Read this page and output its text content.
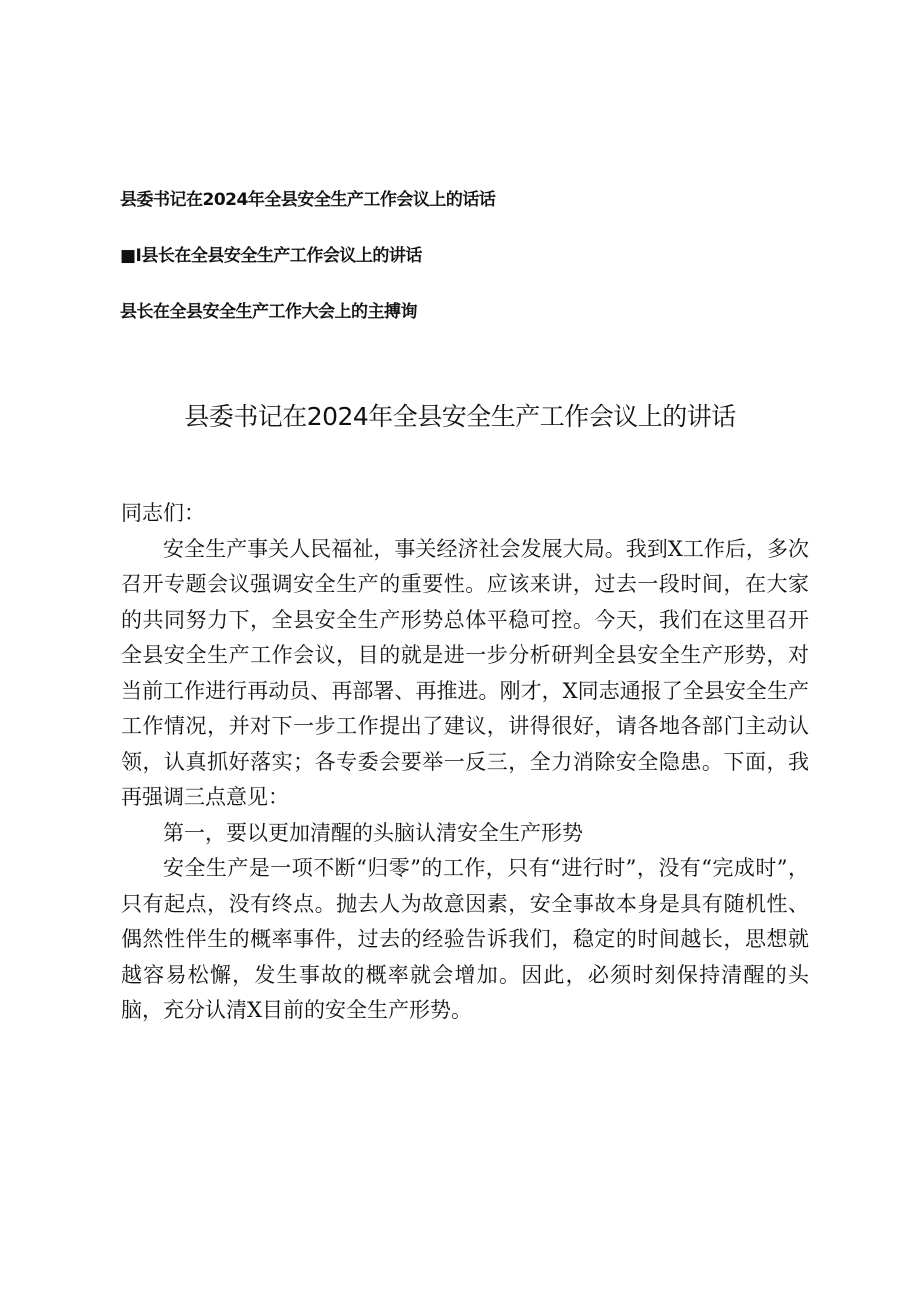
县委书记在2024年全县安全生产工作会议上的话话
■I县长在全县安全生产工作会议上的讲话
县长在全县安全生产工作大会上的主搏询
县委书记在2024年全县安全生产工作会议上的讲话

同志们：

安全生产事关人民福祉，事关经济社会发展大局。我到X工作后，多次召开专题会议强调安全生产的重要性。应该来讲，过去一段时间，在大家的共同努力下，全县安全生产形势总体平稳可控。今天，我们在这里召开全县安全生产工作会议，目的就是进一步分析研判全县安全生产形势，对当前工作进行再动员、再部署、再推进。刚才，X同志通报了全县安全生产工作情况，并对下一步工作提出了建议，讲得很好，请各地各部门主动认领，认真抓好落实；各专委会要举一反三，全力消除安全隐患。下面，我再强调三点意见：

第一，要以更加清醒的头脑认清安全生产形势

安全生产是一项不断“归零”的工作，只有“进行时”，没有“完成时”，只有起点，没有终点。抛去人为故意因素，安全事故本身是具有随机性、偶然性伴生的概率事件，过去的经验告诉我们，稳定的时间越长，思想就越容易松懈，发生事故的概率就会增加。因此，必须时刻保持清醒的头脑，充分认清X目前的安全生产形势。
